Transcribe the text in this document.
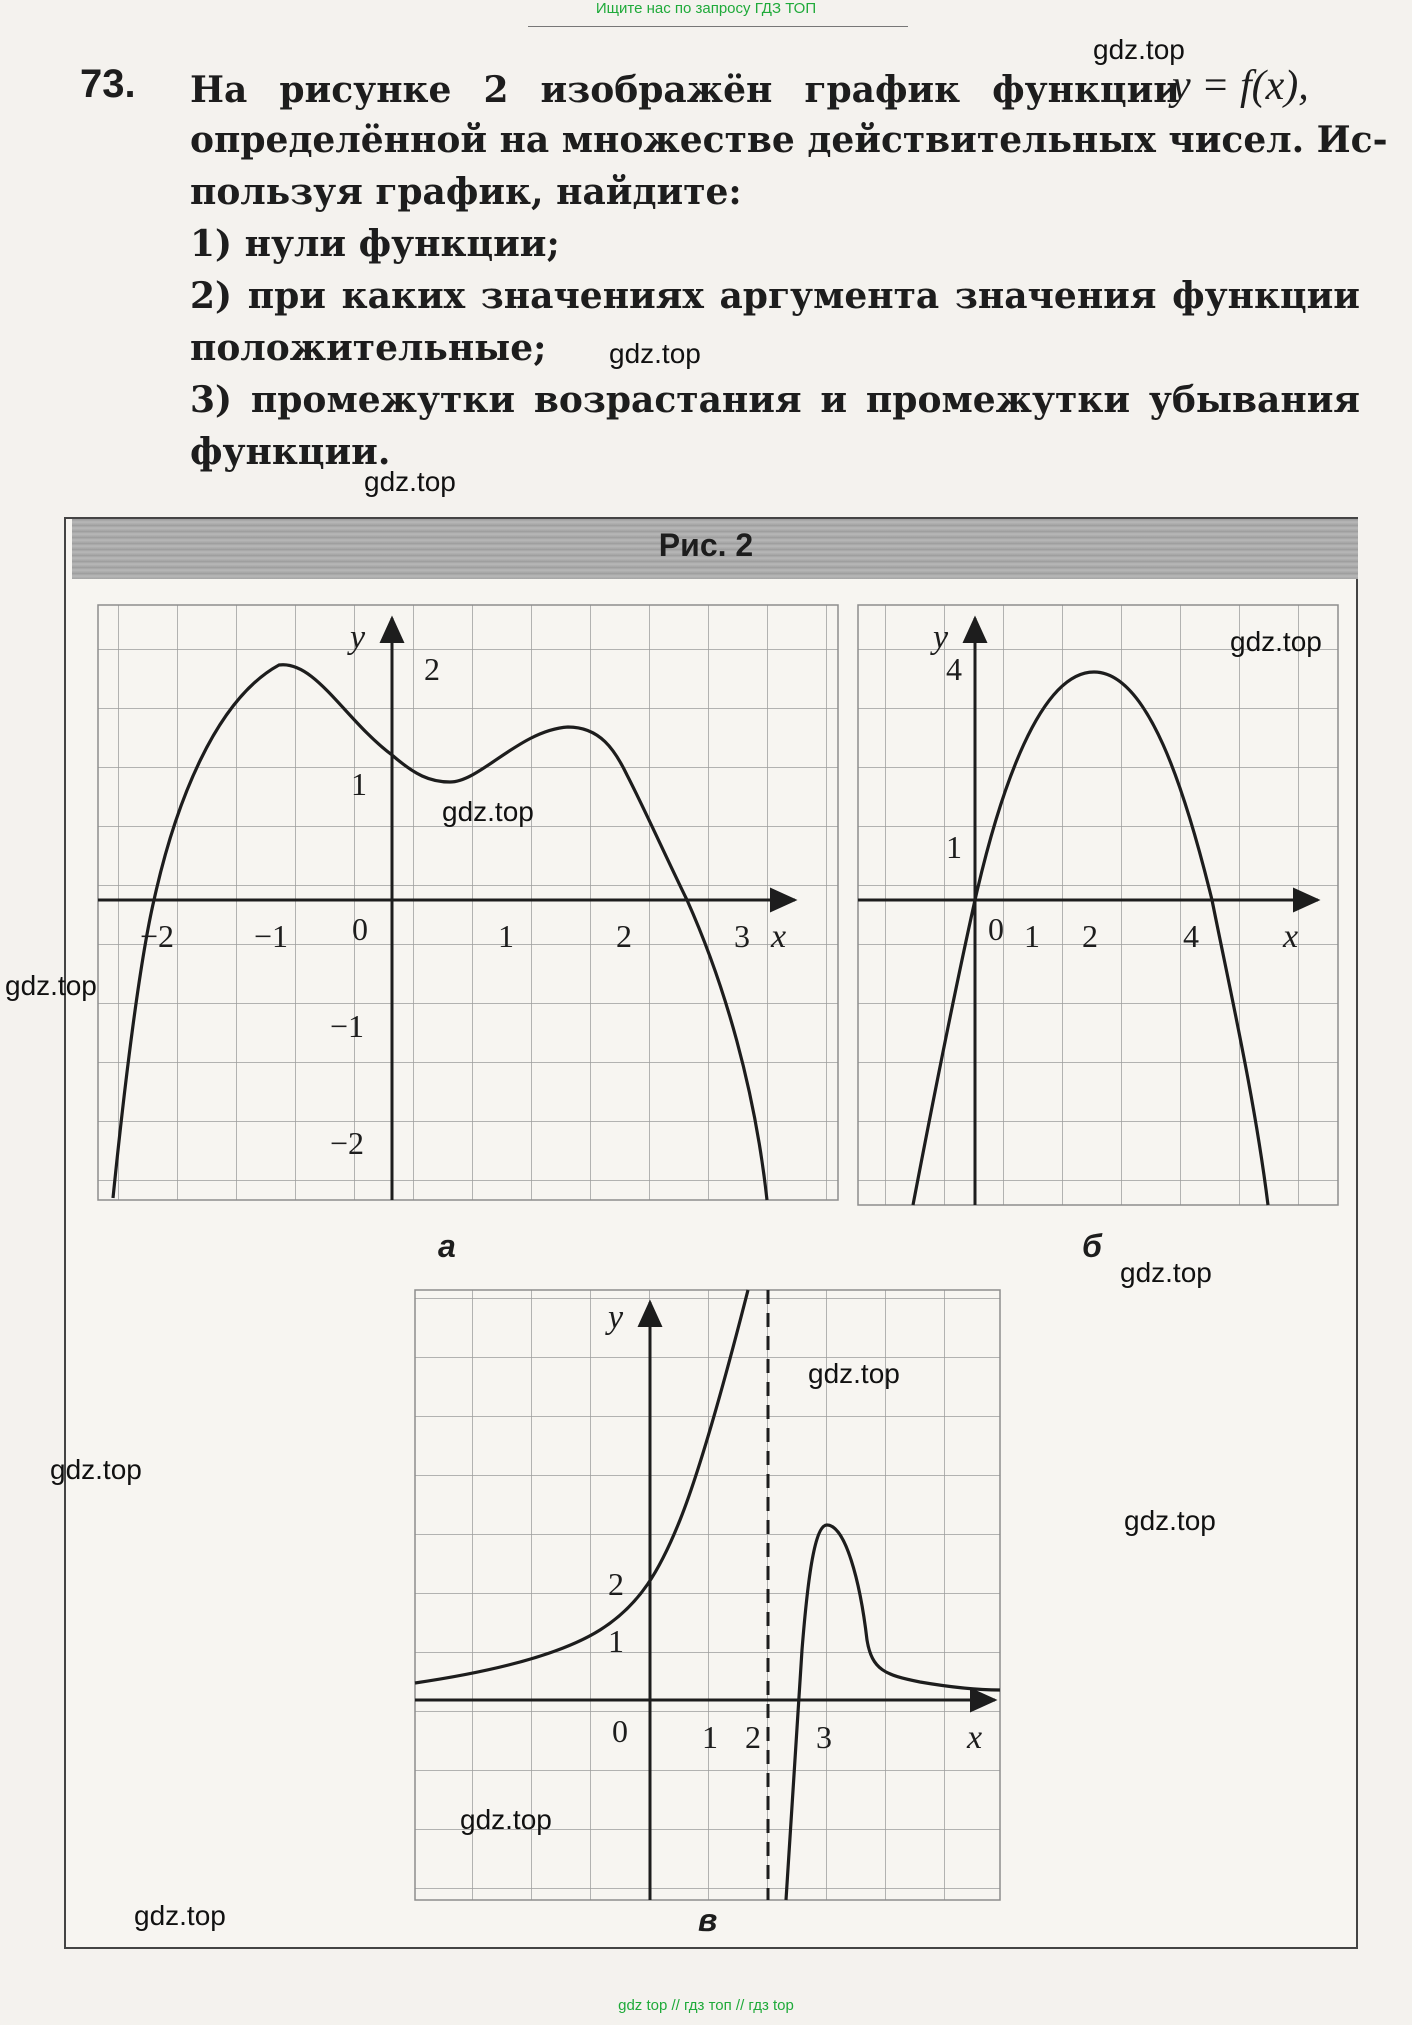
Ищите нас по запросу ГДЗ ТОП
73. На рисунке 2 изображён график функции
y = f(x),
определённой на множестве действительных чисел. Ис-
пользуя график, найдите:
1) нули функции;
2) при каких значениях аргумента значения функции
положительные;
3) промежутки возрастания и промежутки убывания
функции.
Рис. 2
−2 −1 0	1	2	3 x
2
1
−1
−2
y
0 1 2	4 x
4
1
y
0 1 2 3	x
2
1
y
а	б
в
gdz.top
gdz.top
gdz.top
gdz.top
gdz.top
gdz.top
gdz.top
gdz.top
gdz.top
gdz.top
gdz.top
gdz.top
gdz top // гдз топ // гдз top
